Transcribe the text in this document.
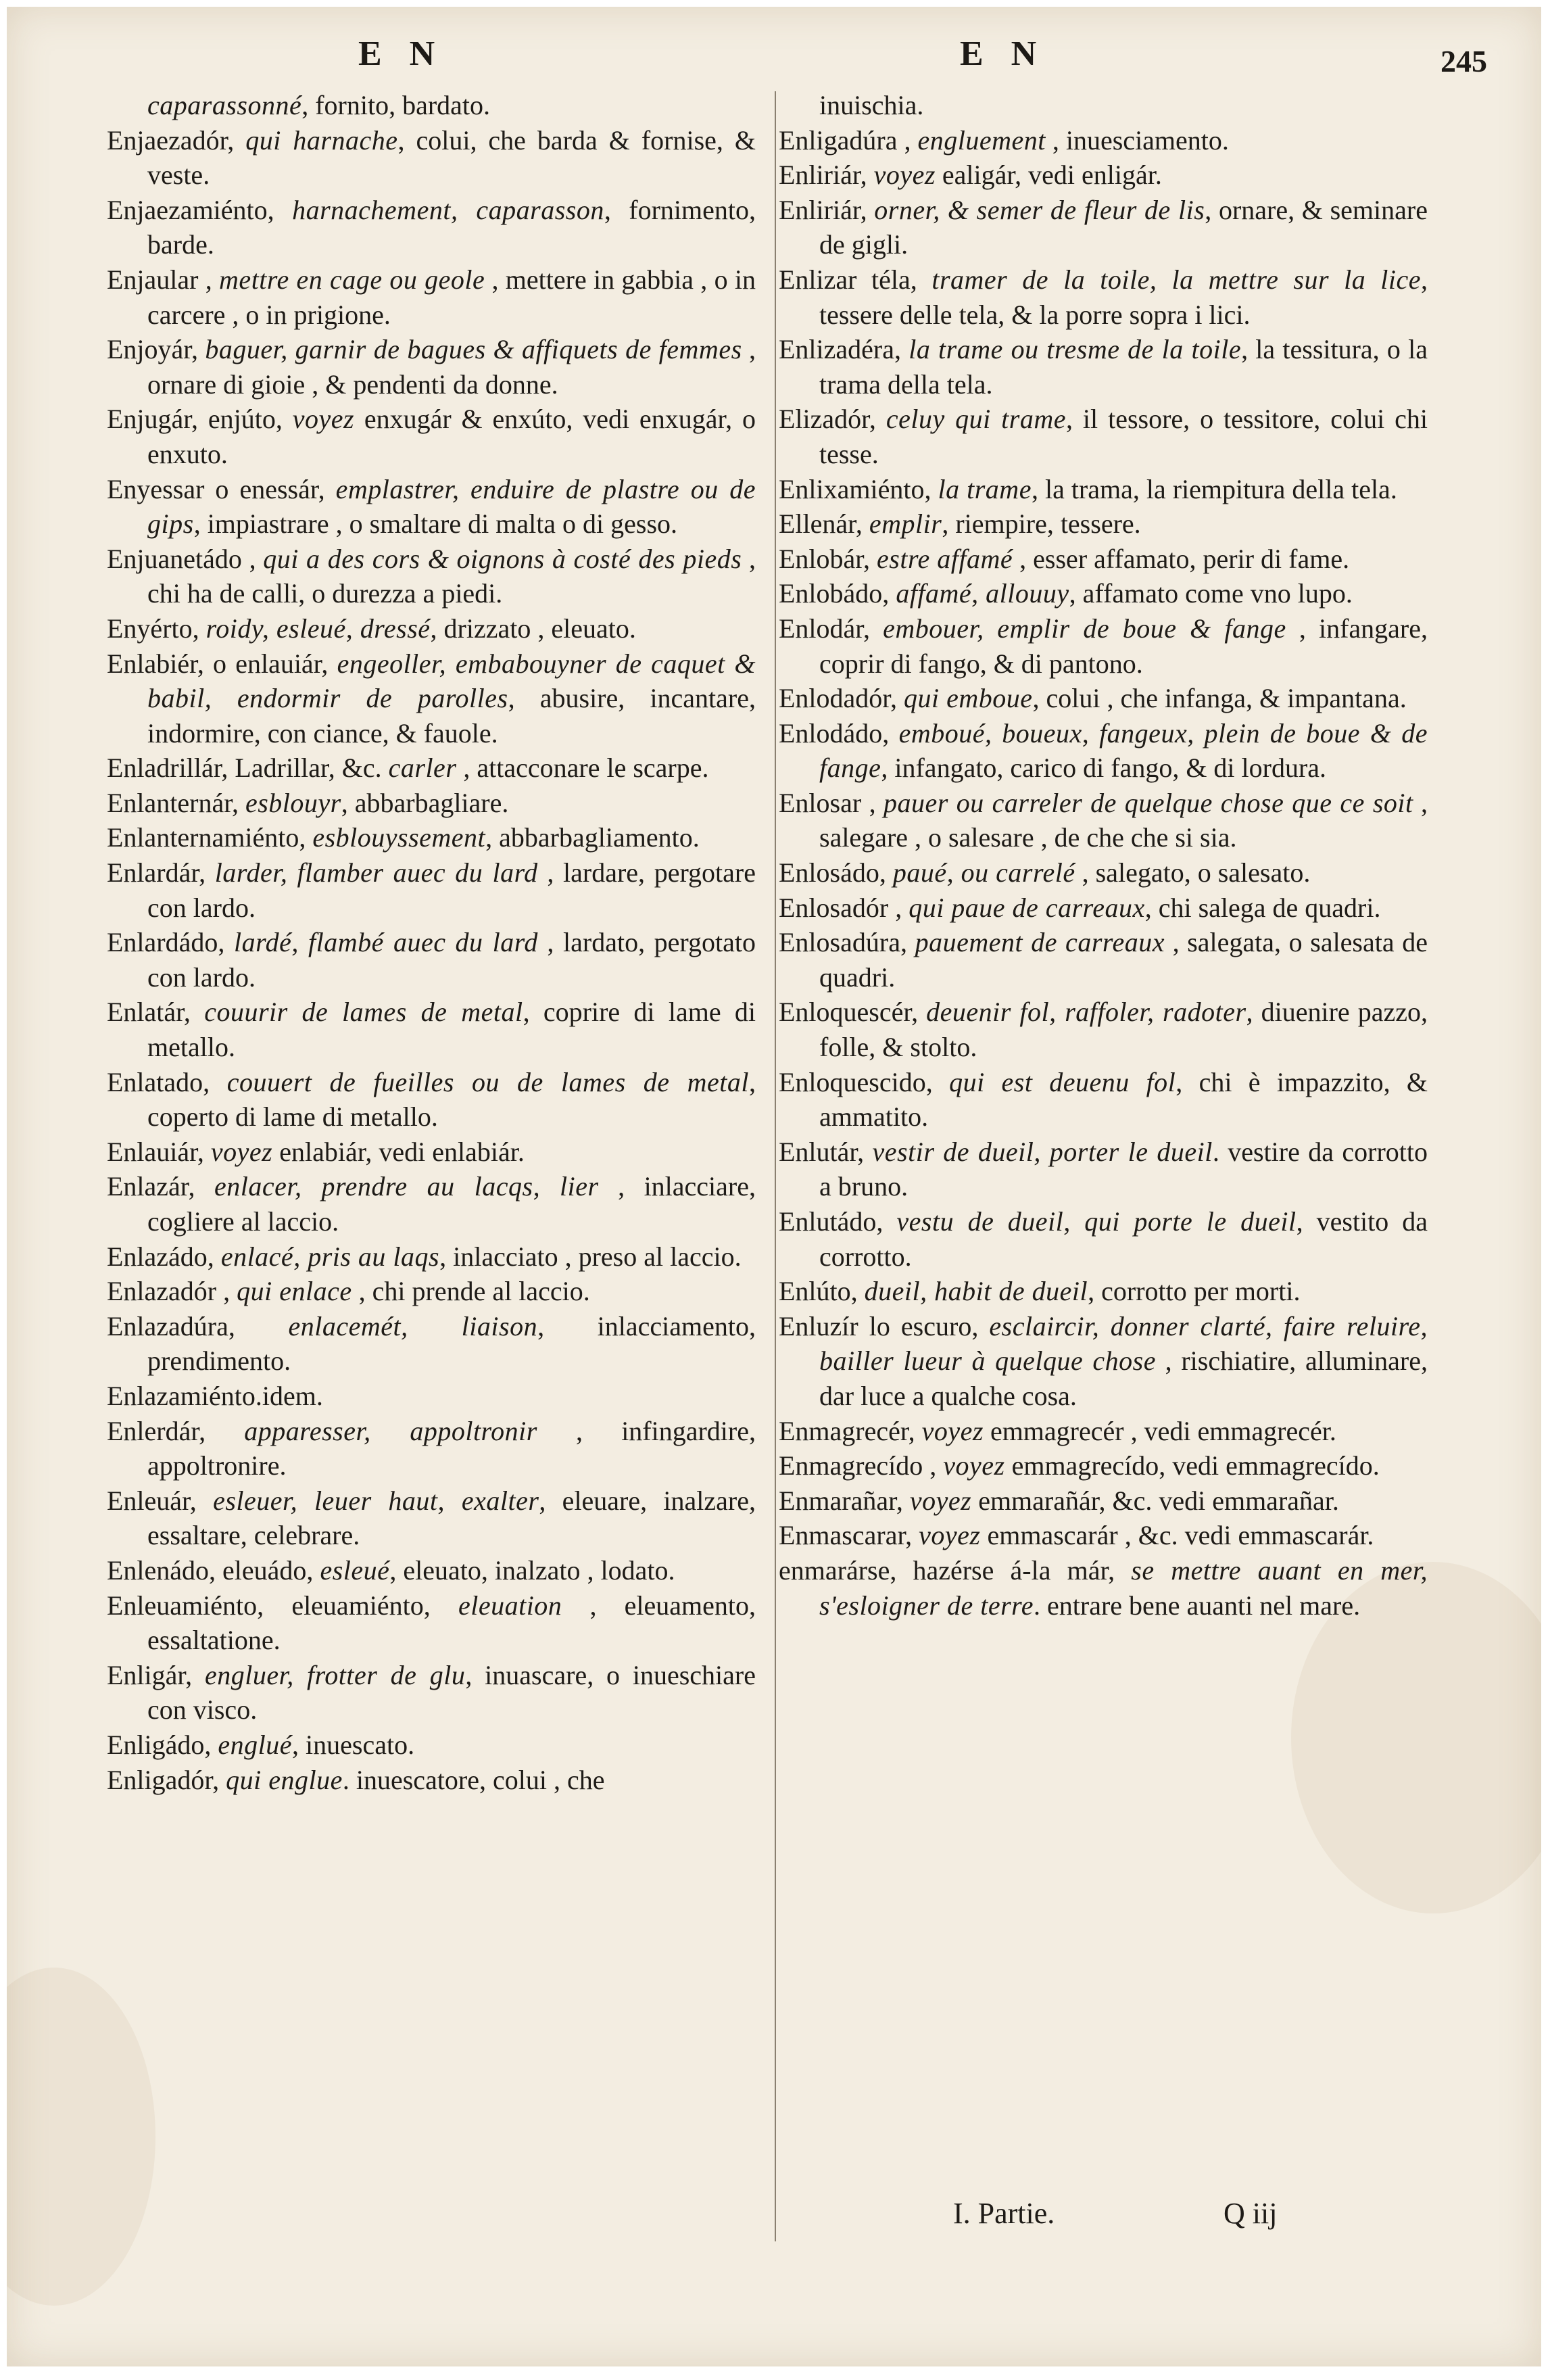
E N	E N	245
caparassonné, fornito, bardato.
Enjaezadór, qui harnache, colui, che barda & fornise, & veste.
Enjaezamiénto, harnachement, caparasson, fornimento, barde.
Enjaular , mettre en cage ou geole , mettere in gabbia , o in carcere , o in prigione.
Enjoyár, baguer, garnir de bagues & affiquets de femmes , ornare di gioie , & pendenti da donne.
Enjugár, enjúto, voyez enxugár & enxúto, vedi enxugár, o enxuto.
Enyessar o enessár, emplastrer, enduire de plastre ou de gips, impiastrare , o smaltare di malta o di gesso.
Enjuanetádo , qui a des cors & oignons à costé des pieds , chi ha de calli, o durezza a piedi.
Enyérto, roidy, esleué, dressé, drizzato , eleuato.
Enlabiér, o enlauiár, engeoller, embabouyner de caquet & babil, endormir de parolles, abusire, incantare, indormire, con ciance, & fauole.
Enladrillár, Ladrillar, &c. carler , attacconare le scarpe.
Enlanternár, esblouyr, abbarbagliare.
Enlanternamiénto, esblouyssement, abbarbagliamento.
Enlardár, larder, flamber auec du lard , lardare, pergotare con lardo.
Enlardádo, lardé, flambé auec du lard , lardato, pergotato con lardo.
Enlatár, couurir de lames de metal, coprire di lame di metallo.
Enlatado, couuert de fueilles ou de lames de metal, coperto di lame di metallo.
Enlauiár, voyez enlabiár, vedi enlabiár.
Enlazár, enlacer, prendre au lacqs, lier , inlacciare, cogliere al laccio.
Enlazádo, enlacé, pris au laqs, inlacciato , preso al laccio.
Enlazadór , qui enlace , chi prende al laccio.
Enlazadúra, enlacemét, liaison, inlacciamento, prendimento.
Enlazamiénto.idem.
Enlerdár, apparesser, appoltronir , infingardire, appoltronire.
Enleuár, esleuer, leuer haut, exalter, eleuare, inalzare, essaltare, celebrare.
Enlenádo, eleuádo, esleué, eleuato, inalzato , lodato.
Enleuamiénto, eleuamiénto, eleuation , eleuamento, essaltatione.
Enligár, engluer, frotter de glu, inuascare, o inueschiare con visco.
Enligádo, englué, inuescato.
Enligadór, qui englue. inuescatore, colui , che
inuischia.
Enligadúra , engluement , inuesciamento.
Enliriár, voyez ealigár, vedi enligár.
Enliriár, orner, & semer de fleur de lis, ornare, & seminare de gigli.
Enlizar téla, tramer de la toile, la mettre sur la lice, tessere delle tela, & la porre sopra i lici.
Enlizadéra, la trame ou tresme de la toile, la tessitura, o la trama della tela.
Elizadór, celuy qui trame, il tessore, o tessitore, colui chi tesse.
Enlixamiénto, la trame, la trama, la riempitura della tela.
Ellenár, emplir, riempire, tessere.
Enlobár, estre affamé , esser affamato, perir di fame.
Enlobádo, affamé, allouuy, affamato come vno lupo.
Enlodár, embouer, emplir de boue & fange , infangare, coprir di fango, & di pantono.
Enlodadór, qui emboue, colui , che infanga, & impantana.
Enlodádo, emboué, boueux, fangeux, plein de boue & de fange, infangato, carico di fango, & di lordura.
Enlosar , pauer ou carreler de quelque chose que ce soit , salegare , o salesare , de che che si sia.
Enlosádo, paué, ou carrelé , salegato, o salesato.
Enlosadór , qui paue de carreaux, chi salega de quadri.
Enlosadúra, pauement de carreaux , salegata, o salesata de quadri.
Enloquescér, deuenir fol, raffoler, radoter, diuenire pazzo, folle, & stolto.
Enloquescido, qui est deuenu fol, chi è impazzito, & ammatito.
Enlutár, vestir de dueil, porter le dueil. vestire da corrotto a bruno.
Enlutádo, vestu de dueil, qui porte le dueil, vestito da corrotto.
Enlúto, dueil, habit de dueil, corrotto per morti.
Enluzír lo escuro, esclaircir, donner clarté, faire reluire, bailler lueur à quelque chose , rischiatire, alluminare, dar luce a qualche cosa.
Enmagrecér, voyez emmagrecér , vedi emmagrecér.
Enmagrecído , voyez emmagrecído, vedi emmagrecído.
Enmarañar, voyez emmarañár, &c. vedi emmarañar.
Enmascarar, voyez emmascarár , &c. vedi emmascarár.
enmarárse, hazérse á-la már, se mettre auant en mer, s'esloigner de terre. entrare bene auanti nel mare.
I. Partie.	Q iij
